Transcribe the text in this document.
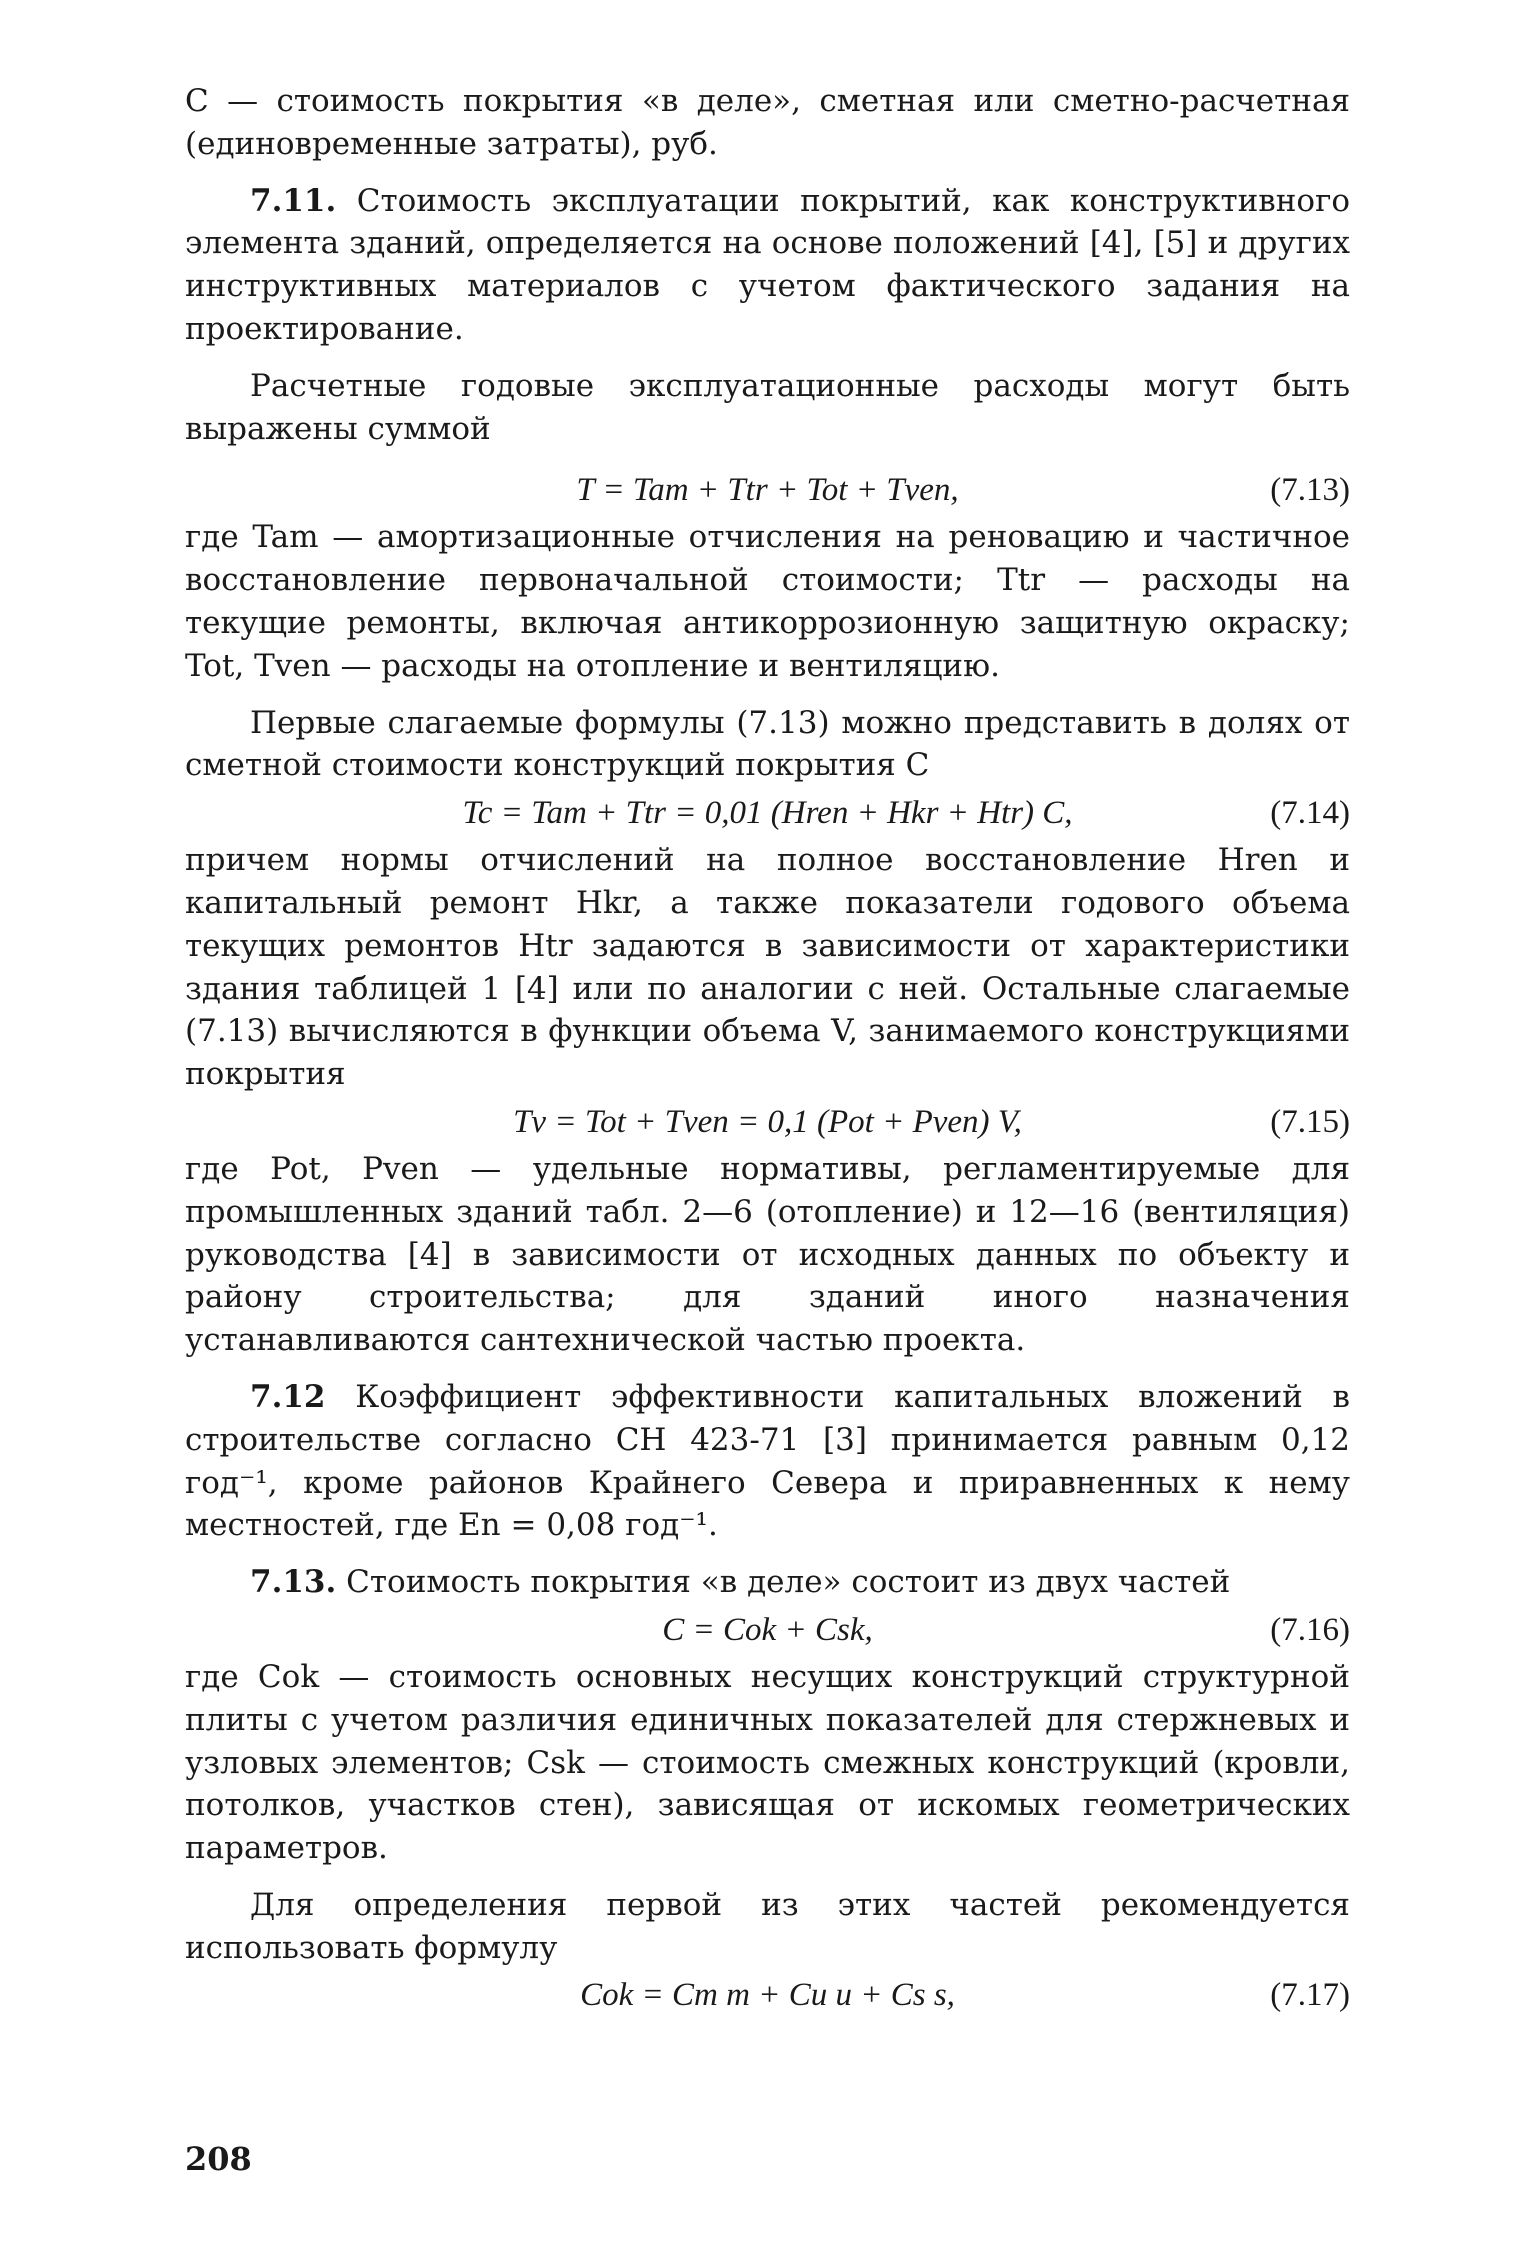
C — стоимость покрытия «в деле», сметная или сметно-расчетная (единовременные затраты), руб.

7.11. Стоимость эксплуатации покрытий, как конструктивного элемента зданий, определяется на основе положений [4], [5] и других инструктивных материалов с учетом фактического задания на проектирование.

Расчетные годовые эксплуатационные расходы могут быть выражены суммой

T = Tam + Ttr + Tot + Tven,	(7.13)

где Tam — амортизационные отчисления на реновацию и частичное восстановление первоначальной стоимости; Ttr — расходы на текущие ремонты, включая антикоррозионную защитную окраску; Tot, Tven — расходы на отопление и вентиляцию.

Первые слагаемые формулы (7.13) можно представить в долях от сметной стоимости конструкций покрытия C

Tc = Tam + Ttr = 0,01 (Hren + Hkr + Htr) C,	(7.14)

причем нормы отчислений на полное восстановление Hren и капитальный ремонт Hkr, а также показатели годового объема текущих ремонтов Htr задаются в зависимости от характеристики здания таблицей 1 [4] или по аналогии с ней. Остальные слагаемые (7.13) вычисляются в функции объема V, занимаемого конструкциями покрытия

Tv = Tot + Tven = 0,1 (Pot + Pven) V,	(7.15)

где Pot, Pven — удельные нормативы, регламентируемые для промышленных зданий табл. 2—6 (отопление) и 12—16 (вентиляция) руководства [4] в зависимости от исходных данных по объекту и району строительства; для зданий иного назначения устанавливаются сантехнической частью проекта.

7.12 Коэффициент эффективности капитальных вложений в строительстве согласно СН 423-71 [3] принимается равным 0,12 год⁻¹, кроме районов Крайнего Севера и приравненных к нему местностей, где En = 0,08 год⁻¹.

7.13. Стоимость покрытия «в деле» состоит из двух частей

C = Cok + Csk,	(7.16)

где Cok — стоимость основных несущих конструкций структурной плиты с учетом различия единичных показателей для стержневых и узловых элементов; Csk — стоимость смежных конструкций (кровли, потолков, участков стен), зависящая от искомых геометрических параметров.

Для определения первой из этих частей рекомендуется использовать формулу

Cok = Cm m + Cu u + Cs s,	(7.17)
208
